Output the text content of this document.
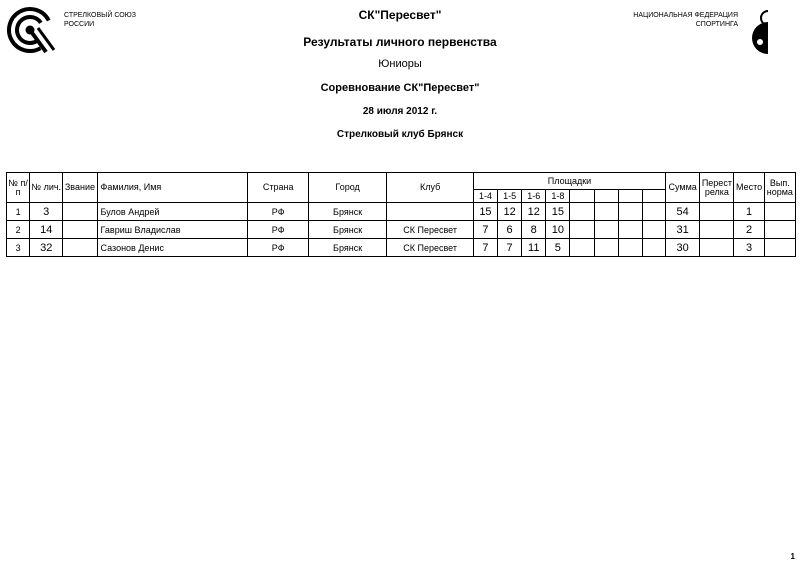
СТРЕЛКОВЫЙ СОЮЗ
РОССИИ
НАЦИОНАЛЬНАЯ ФЕДЕРАЦИЯ
СПОРТИНГА
СК"Пересвет"
Результаты личного первенства
Юниоры
Соревнование СК"Пересвет"
28 июля 2012 г.
Стрелковый клуб Брянск
№ п/п	№ лич.	Звание	Фамилия, Имя	Страна	Город	Клуб	Площадки								Сумма	Перест релка	Место	Вып. норма
							1-4	1-5	1-6	1-8								
1	3		Булов Андрей	РФ	Брянск		15	12	12	15					54		1	
2	14		Гавриш Владислав	РФ	Брянск	СК Пересвет	7	6	8	10					31		2	
3	32		Сазонов Денис	РФ	Брянск	СК Пересвет	7	7	11	5					30		3	
1
